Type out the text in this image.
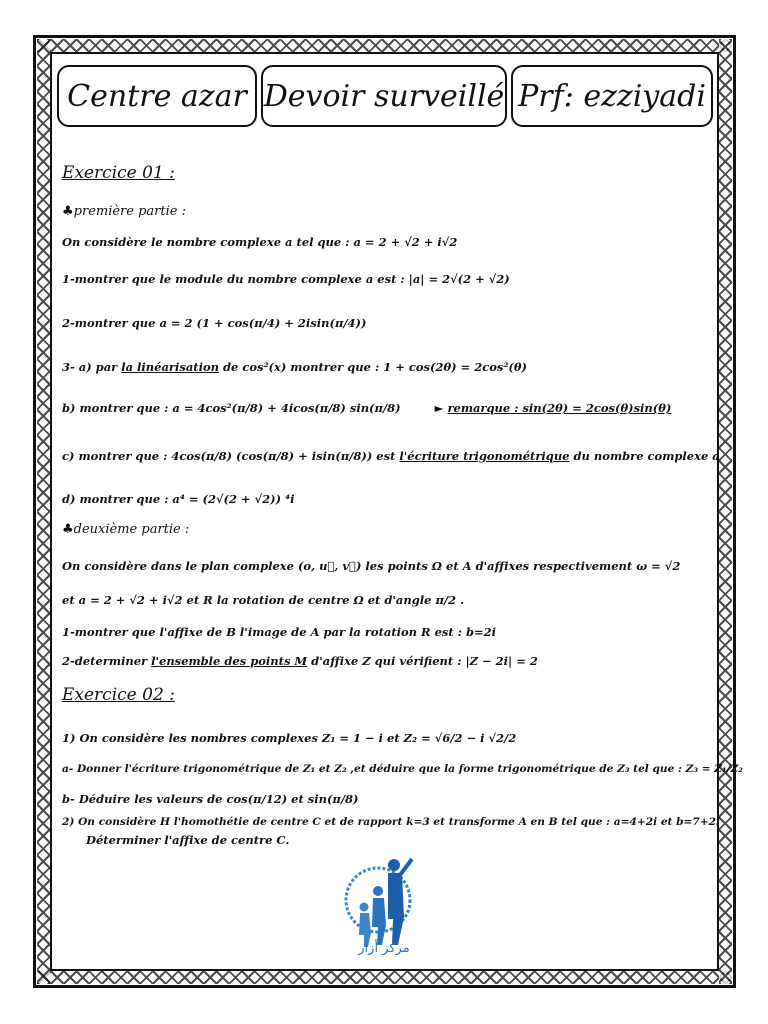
Centre azar Devoir surveillé Prf: ezziyadi
Exercice 01 :
♣première partie :
On considère le nombre complexe a tel que : a = 2 + √2 + i√2
1-montrer que le module du nombre complexe a est : |a| = 2√(2 + √2)
2-montrer que a = 2 (1 + cos(π/4) + 2isin(π/4))
3- a) par la linéarisation de cos²(x) montrer que : 1 + cos(2θ) = 2cos²(θ)
b) montrer que : a = 4cos²(π/8) + 4icos(π/8) sin(π/8)	► remarque : sin(2θ) = 2cos(θ)sin(θ)
c) montrer que : 4cos(π/8) (cos(π/8) + isin(π/8)) est l'écriture trigonométrique du nombre complexe a
d) montrer que : a⁴ = (2√(2 + √2)) ⁴i
♣deuxième partie :
On considère dans le plan complexe (o, u⃗, v⃗) les points Ω et A d'affixes respectivement ω = √2
et a = 2 + √2 + i√2 et R la rotation de centre Ω et d'angle π/2 .
1-montrer que l'affixe de B l'image de A par la rotation R est : b=2i
2-determiner l'ensemble des points M d'affixe Z qui vérifient : |Z − 2i| = 2
Exercice 02 :
1) On considère les nombres complexes Z₁ = 1 − i et Z₂ = √6/2 − i √2/2
a- Donner l'écriture trigonométrique de Z₁ et Z₂ ,et déduire que la forme trigonométrique de Z₃ tel que : Z₃ = Z₁/Z₂
b- Déduire les valeurs de cos(π/12) et sin(π/8)
2) On considère H l'homothétie de centre C et de rapport k=3 et transforme A en B tel que : a=4+2i et b=7+2i
Déterminer l'affixe de centre C.
مركز أزار
